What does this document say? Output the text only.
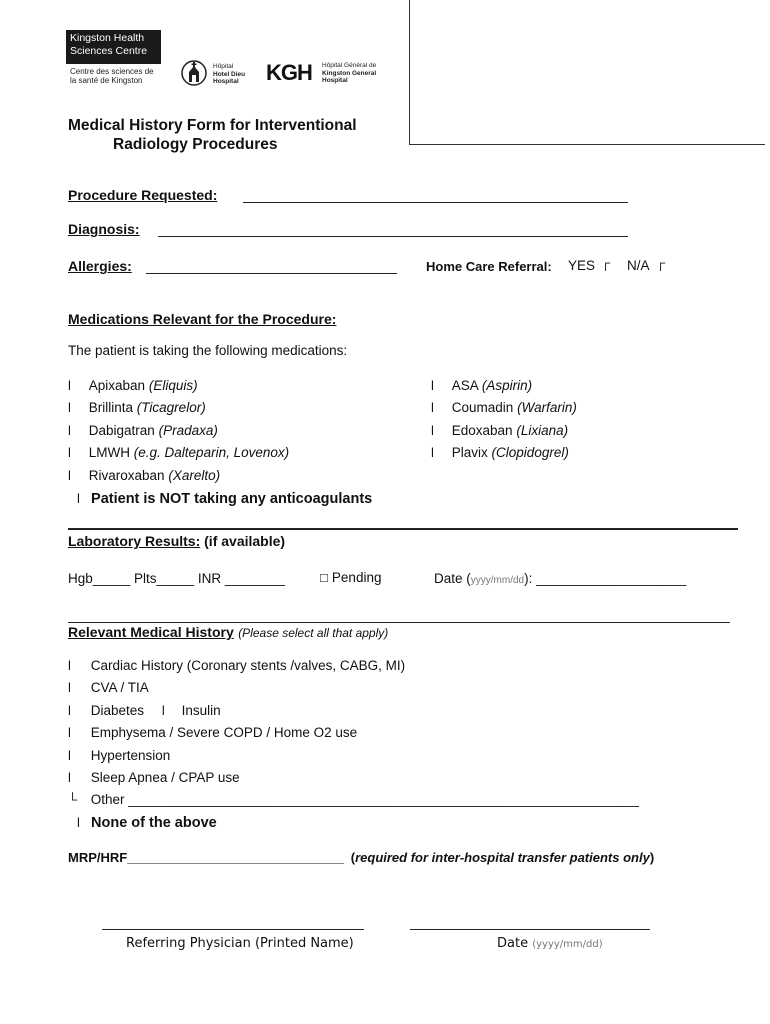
Kingston Health
Sciences Centre
Centre des sciences de
la santé de Kingston
Hôpital
Hotel Dieu
Hospital KGH	Hôpital Général de
Kingston General
Hospital
Medical History Form for Interventional
Radiology Procedures
Procedure Requested:
Diagnosis:
Allergies:	Home Care Referral: YES ┌ N/A ┌
Medications Relevant for the Procedure:
The patient is taking the following medications:
l Apixaban (Eliquis)
l Brillinta (Ticagrelor)
l Dabigatran (Pradaxa)
l LMWH (e.g. Dalteparin, Lovenox)
l Rivaroxaban (Xarelto)
l ASA (Aspirin)
l Coumadin (Warfarin)
l Edoxaban (Lixiana)
l Plavix (Clopidogrel)
l Patient is NOT taking any anticoagulants
Laboratory Results: (if available)
Hgb_____ Plts_____ INR ________	□ Pending	Date (yyyy/mm/dd): ____________________
Relevant Medical History (Please select all that apply)
l Cardiac History (Coronary stents /valves, CABG, MI)
l CVA / TIA
l Diabetes l Insulin
l Emphysema / Severe COPD / Home O2 use
l Hypertension
l Sleep Apnea / CPAP use
└ Other ____________________________________________________________________
l None of the above
MRP/HRF______________________________ (required for inter-hospital transfer patients only)
Referring Physician (Printed Name)	Date (yyyy/mm/dd)
